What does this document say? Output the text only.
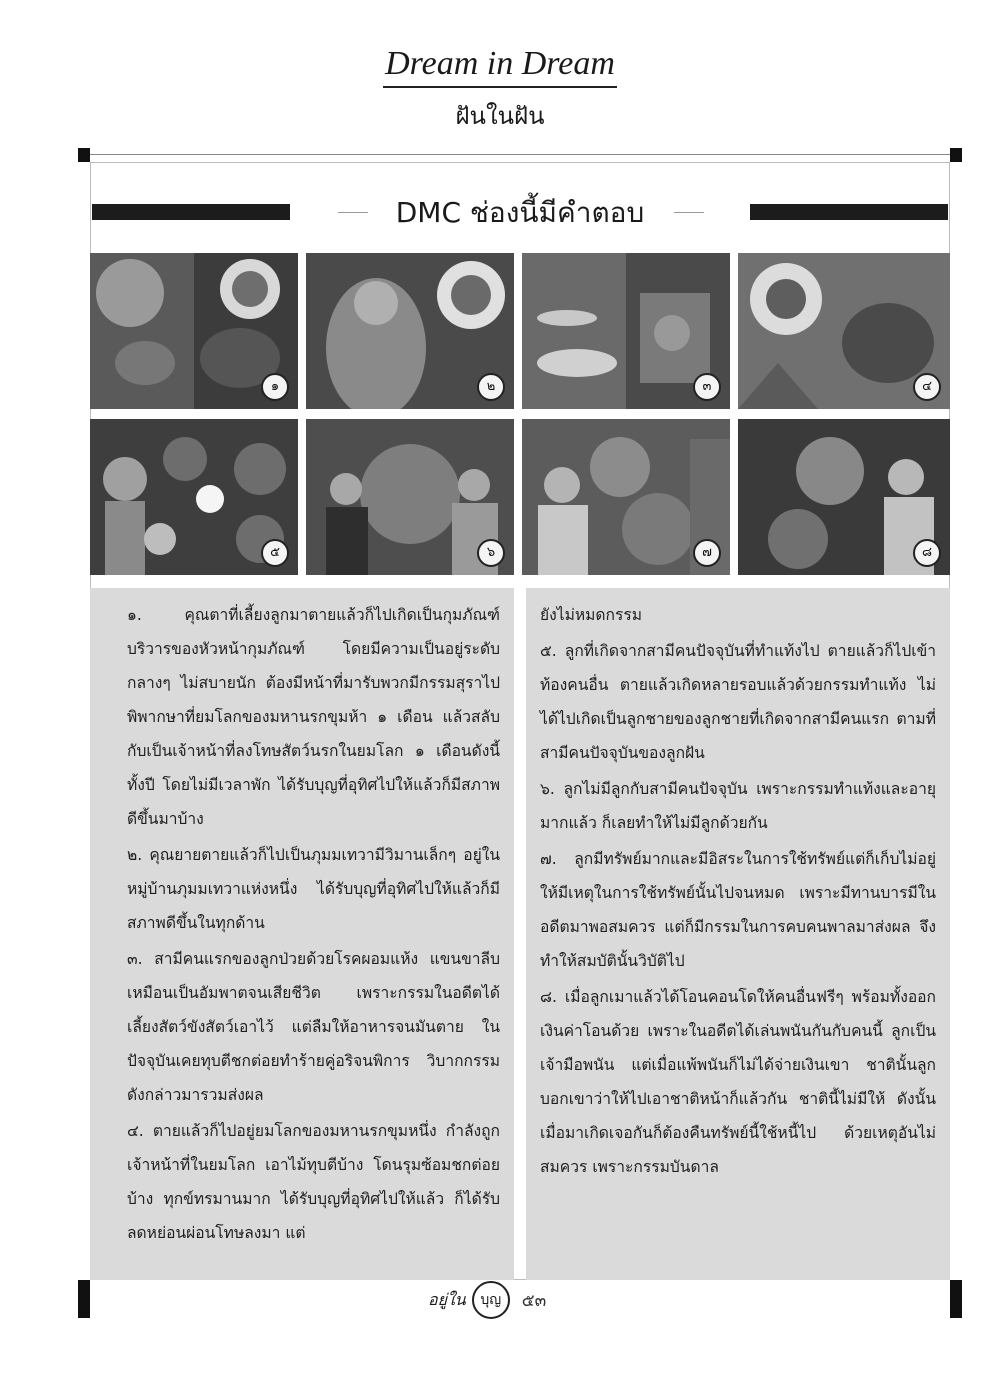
Dream in Dream
ฝันในฝัน
DMC ช่องนี้มีคำตอบ
๑	๒	๓	๔
๕	๖	๗	๘

๑. คุณตาที่เลี้ยงลูกมาตายแล้วก็ไปเกิดเป็นกุมภัณฑ์บริวารของหัวหน้ากุมภัณฑ์ โดยมีความเป็นอยู่ระดับกลางๆ ไม่สบายนัก ต้องมีหน้าที่มารับพวกมีกรรมสุราไปพิพากษาที่ยมโลกของมหานรกขุมห้า ๑ เดือน แล้วสลับกับเป็นเจ้าหน้าที่ลงโทษสัตว์นรกในยมโลก ๑ เดือนดังนี้ทั้งปี โดยไม่มีเวลาพัก ได้รับบุญที่อุทิศไปให้แล้วก็มีสภาพดีขึ้นมาบ้าง

๒. คุณยายตายแล้วก็ไปเป็นภุมมเทวามีวิมานเล็กๆ อยู่ในหมู่บ้านภุมมเทวาแห่งหนึ่ง ได้รับบุญที่อุทิศไปให้แล้วก็มีสภาพดีขึ้นในทุกด้าน

๓. สามีคนแรกของลูกป่วยด้วยโรคผอมแห้ง แขนขาลีบเหมือนเป็นอัมพาตจนเสียชีวิต เพราะกรรมในอดีตได้เลี้ยงสัตว์ขังสัตว์เอาไว้ แต่ลืมให้อาหารจนมันตาย ในปัจจุบันเคยทุบตีชกต่อยทำร้ายคู่อริจนพิการ วิบากกรรมดังกล่าวมารวมส่งผล

๔. ตายแล้วก็ไปอยู่ยมโลกของมหานรกขุมหนึ่ง กำลังถูกเจ้าหน้าที่ในยมโลก เอาไม้ทุบตีบ้าง โดนรุมซ้อมชกต่อยบ้าง ทุกข์ทรมานมาก ได้รับบุญที่อุทิศไปให้แล้ว ก็ได้รับลดหย่อนผ่อนโทษลงมา แต่

ยังไม่หมดกรรม

๕. ลูกที่เกิดจากสามีคนปัจจุบันที่ทำแท้งไป ตายแล้วก็ไปเข้าท้องคนอื่น ตายแล้วเกิดหลายรอบแล้วด้วยกรรมทำแท้ง ไม่ได้ไปเกิดเป็นลูกชายของลูกชายที่เกิดจากสามีคนแรก ตามที่สามีคนปัจจุบันของลูกฝัน

๖. ลูกไม่มีลูกกับสามีคนปัจจุบัน เพราะกรรมทำแท้งและอายุมากแล้ว ก็เลยทำให้ไม่มีลูกด้วยกัน

๗. ลูกมีทรัพย์มากและมีอิสระในการใช้ทรัพย์แต่ก็เก็บไม่อยู่ ให้มีเหตุในการใช้ทรัพย์นั้นไปจนหมด เพราะมีทานบารมีในอดีตมาพอสมควร แต่ก็มีกรรมในการคบคนพาลมาส่งผล จึงทำให้สมบัตินั้นวิบัติไป

๘. เมื่อลูกเมาแล้วได้โอนคอนโดให้คนอื่นฟรีๆ พร้อมทั้งออกเงินค่าโอนด้วย เพราะในอดีตได้เล่นพนันกันกับคนนี้ ลูกเป็นเจ้ามือพนัน แต่เมื่อแพ้พนันก็ไม่ได้จ่ายเงินเขา ชาตินั้นลูกบอกเขาว่าให้ไปเอาชาติหน้าก็แล้วกัน ชาตินี้ไม่มีให้ ดังนั้นเมื่อมาเกิดเจอกันก็ต้องคืนทรัพย์นี้ใช้หนี้ไป ด้วยเหตุอันไม่สมควร เพราะกรรมบันดาล

อยู่ใน	บุญ	๕๓
